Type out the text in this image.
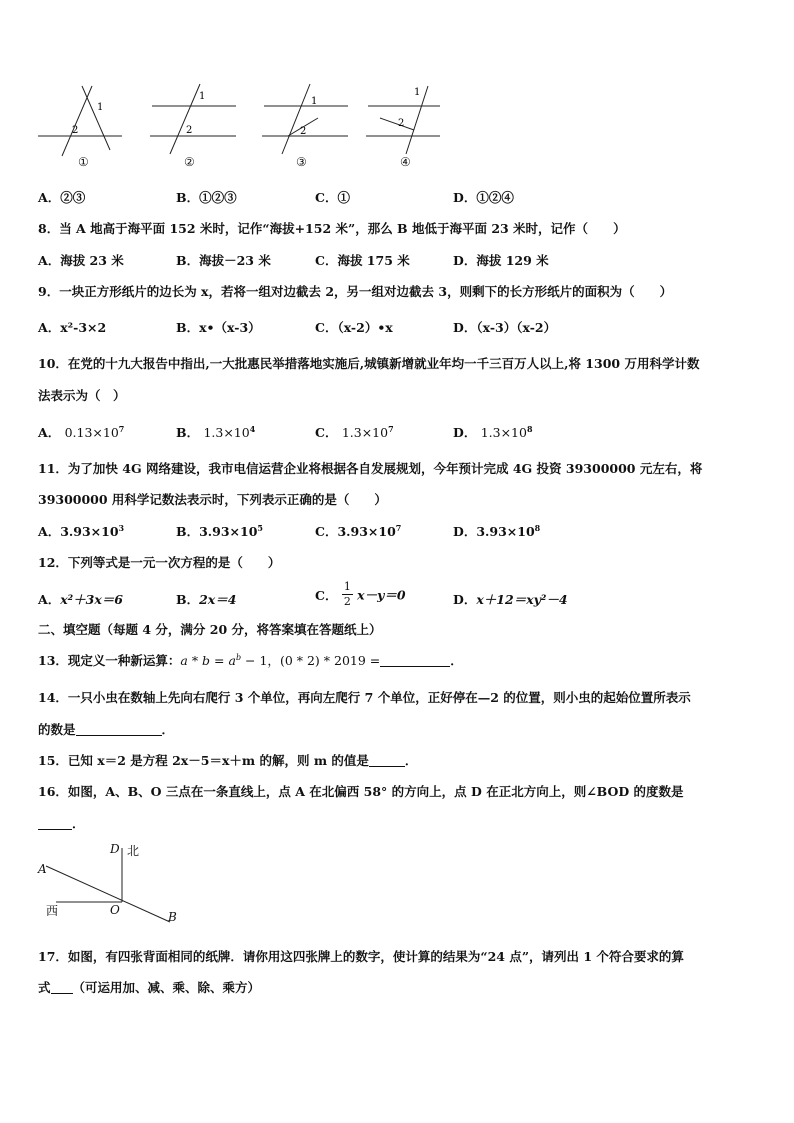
1
2
1
2
1
2
1
2
①	②	③	④
A．②③	B．①②③	C．①	D．①②④
8．当 A 地高于海平面 152 米时，记作“海拔+152 米”，那么 B 地低于海平面 23 米时，记作（　　）
A．海拔 23 米	B．海拔－23 米	C．海拔 175 米	D．海拔 129 米
9．一块正方形纸片的边长为 x，若将一组对边截去 2，另一组对边截去 3，则剩下的长方形纸片的面积为（　　）
A．x²-3×2	B．x•（x-3）	C．（x-2）•x	D．（x-3）（x-2）
10．在党的十九大报告中指出,一大批惠民举措落地实施后,城镇新增就业年均一千三百万人以上,将 1300 万用科学计数
法表示为（　）
A． $0.13\times 10^7$	B． $1.3\times 10^4$	C． $1.3\times 10^7$	D． $1.3\times 10^8$
11．为了加快 4G 网络建设，我市电信运营企业将根据各自发展规划，今年预计完成 4G 投资 39300000 元左右，将
39300000 用科学记数法表示时，下列表示正确的是（　　）
A．$3.93\times 10^3$	B．$3.93\times 10^5$	C．$3.93\times 10^7$	D．$3.93\times 10^8$
12．下列等式是一元一次方程的是（　　）
A．x²＋3x＝6	B．2x＝4	C． $\frac{1}{2} x-y=0$	D．x＋12＝xy²－4
二、填空题（每题 4 分，满分 20 分，将答案填在答题纸上）
13．现定义一种新运算：$a * b = a^b - 1$，(0 * 2) * 2019 =	．
14．一只小虫在数轴上先向右爬行 3 个单位，再向左爬行 7 个单位，正好停在—2 的位置，则小虫的起始位置所表示
的数是	．
15．已知 x＝2 是方程 2x－5＝x＋m 的解，则 m 的值是	．
16．如图，A、B、O 三点在一条直线上，点 A 在北偏西 58° 的方向上，点 D 在正北方向上，则∠BOD 的度数是
．
D 北
A
西	O	B
17．如图，有四张背面相同的纸牌．请你用这四张牌上的数字，使计算的结果为“24 点”，请列出 1 个符合要求的算
式 （可运用加、减、乘、除、乘方）
